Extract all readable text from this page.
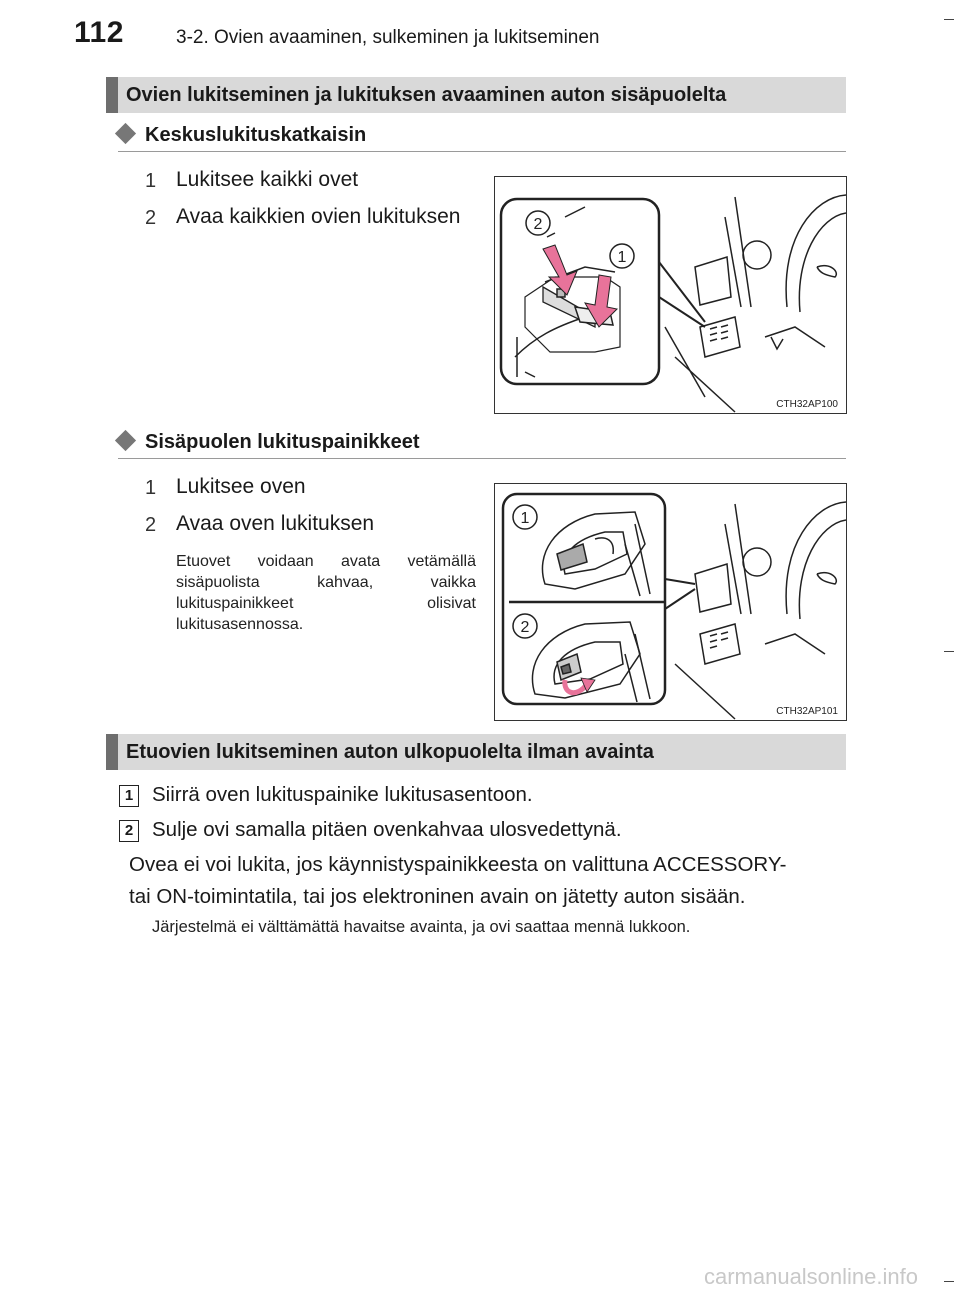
112	3-2. Ovien avaaminen, sulkeminen ja lukitseminen
Ovien lukitseminen ja lukituksen avaaminen auton sisäpuolelta
Keskuslukituskatkaisin
1 Lukitsee kaikki ovet
2 Avaa kaikkien ovien lukituksen	2
1
CTH32AP100
Sisäpuolen lukituspainikkeet
1 Lukitsee oven
2 Avaa oven lukituksen
Etuovet voidaan avata vetämällä sisäpuolista kahvaa, vaikka lukituspainikkeet olisivat lukitusasennossa.
1
2
CTH32AP101
Etuovien lukitseminen auton ulkopuolelta ilman avainta
1 Siirrä oven lukituspainike lukitusasentoon.
2 Sulje ovi samalla pitäen ovenkahvaa ulosvedettynä.
Ovea ei voi lukita, jos käynnistyspainikkeesta on valittuna ACCESSORY-
tai ON-toimintatila, tai jos elektroninen avain on jätetty auton sisään.
Järjestelmä ei välttämättä havaitse avainta, ja ovi saattaa mennä lukkoon.
carmanualsonline.info
